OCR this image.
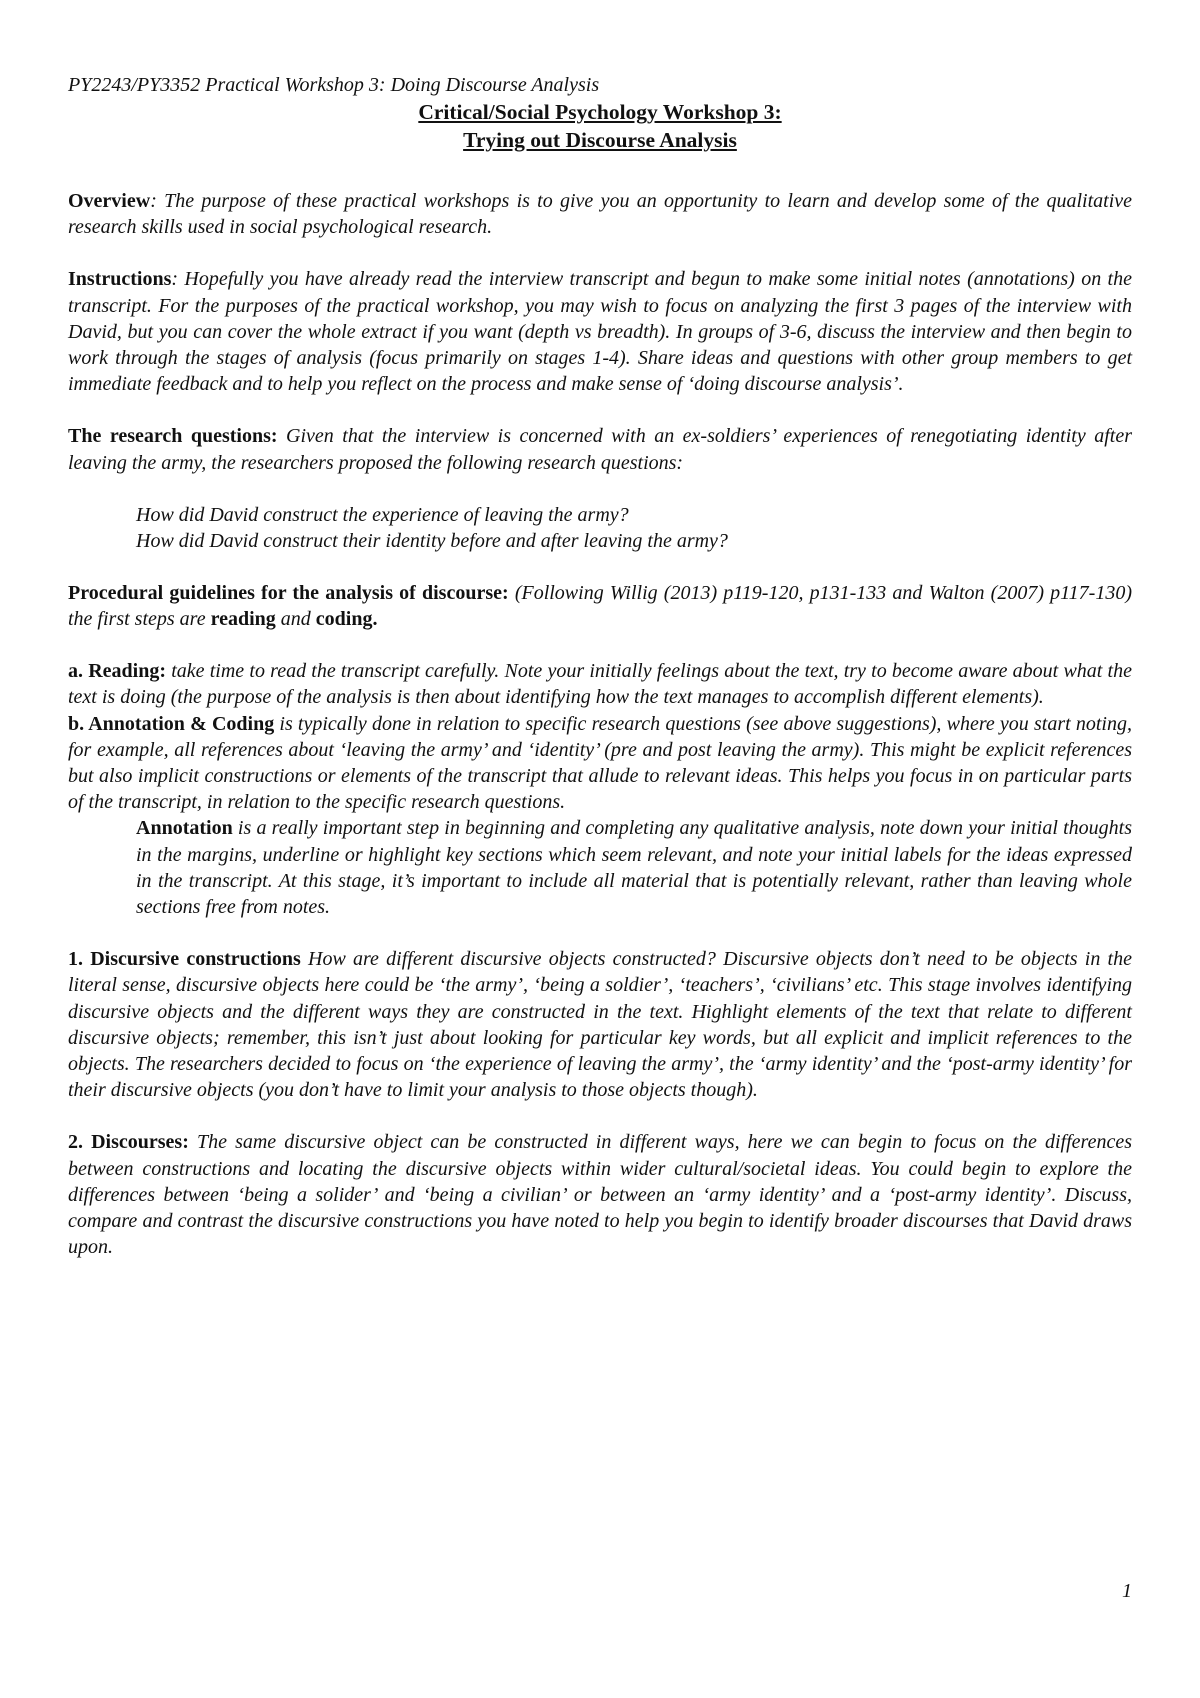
PY2243/PY3352 Practical Workshop 3: Doing Discourse Analysis

Critical/Social Psychology Workshop 3:

Trying out Discourse Analysis

Overview: The purpose of these practical workshops is to give you an opportunity to learn and develop some of the qualitative research skills used in social psychological research.

Instructions: Hopefully you have already read the interview transcript and begun to make some initial notes (annotations) on the transcript. For the purposes of the practical workshop, you may wish to focus on analyzing the first 3 pages of the interview with David, but you can cover the whole extract if you want (depth vs breadth). In groups of 3-6, discuss the interview and then begin to work through the stages of analysis (focus primarily on stages 1-4). Share ideas and questions with other group members to get immediate feedback and to help you reflect on the process and make sense of ‘doing discourse analysis’.

The research questions: Given that the interview is concerned with an ex-soldiers’ experiences of renegotiating identity after leaving the army, the researchers proposed the following research questions:

How did David construct the experience of leaving the army?

How did David construct their identity before and after leaving the army?

Procedural guidelines for the analysis of discourse: (Following Willig (2013) p119-120, p131-133 and Walton (2007) p117-130) the first steps are reading and coding.

a. Reading: take time to read the transcript carefully. Note your initially feelings about the text, try to become aware about what the text is doing (the purpose of the analysis is then about identifying how the text manages to accomplish different elements).

b. Annotation & Coding is typically done in relation to specific research questions (see above suggestions), where you start noting, for example, all references about ‘leaving the army’ and ‘identity’ (pre and post leaving the army). This might be explicit references but also implicit constructions or elements of the transcript that allude to relevant ideas. This helps you focus in on particular parts of the transcript, in relation to the specific research questions.

Annotation is a really important step in beginning and completing any qualitative analysis, note down your initial thoughts in the margins, underline or highlight key sections which seem relevant, and note your initial labels for the ideas expressed in the transcript. At this stage, it’s important to include all material that is potentially relevant, rather than leaving whole sections free from notes.

1. Discursive constructions How are different discursive objects constructed? Discursive objects don’t need to be objects in the literal sense, discursive objects here could be ‘the army’, ‘being a soldier’, ‘teachers’, ‘civilians’ etc. This stage involves identifying discursive objects and the different ways they are constructed in the text. Highlight elements of the text that relate to different discursive objects; remember, this isn’t just about looking for particular key words, but all explicit and implicit references to the objects. The researchers decided to focus on ‘the experience of leaving the army’, the ‘army identity’ and the ‘post-army identity’ for their discursive objects (you don’t have to limit your analysis to those objects though).

2. Discourses: The same discursive object can be constructed in different ways, here we can begin to focus on the differences between constructions and locating the discursive objects within wider cultural/societal ideas. You could begin to explore the differences between ‘being a solider’ and ‘being a civilian’ or between an ‘army identity’ and a ‘post-army identity’. Discuss, compare and contrast the discursive constructions you have noted to help you begin to identify broader discourses that David draws upon.

1
